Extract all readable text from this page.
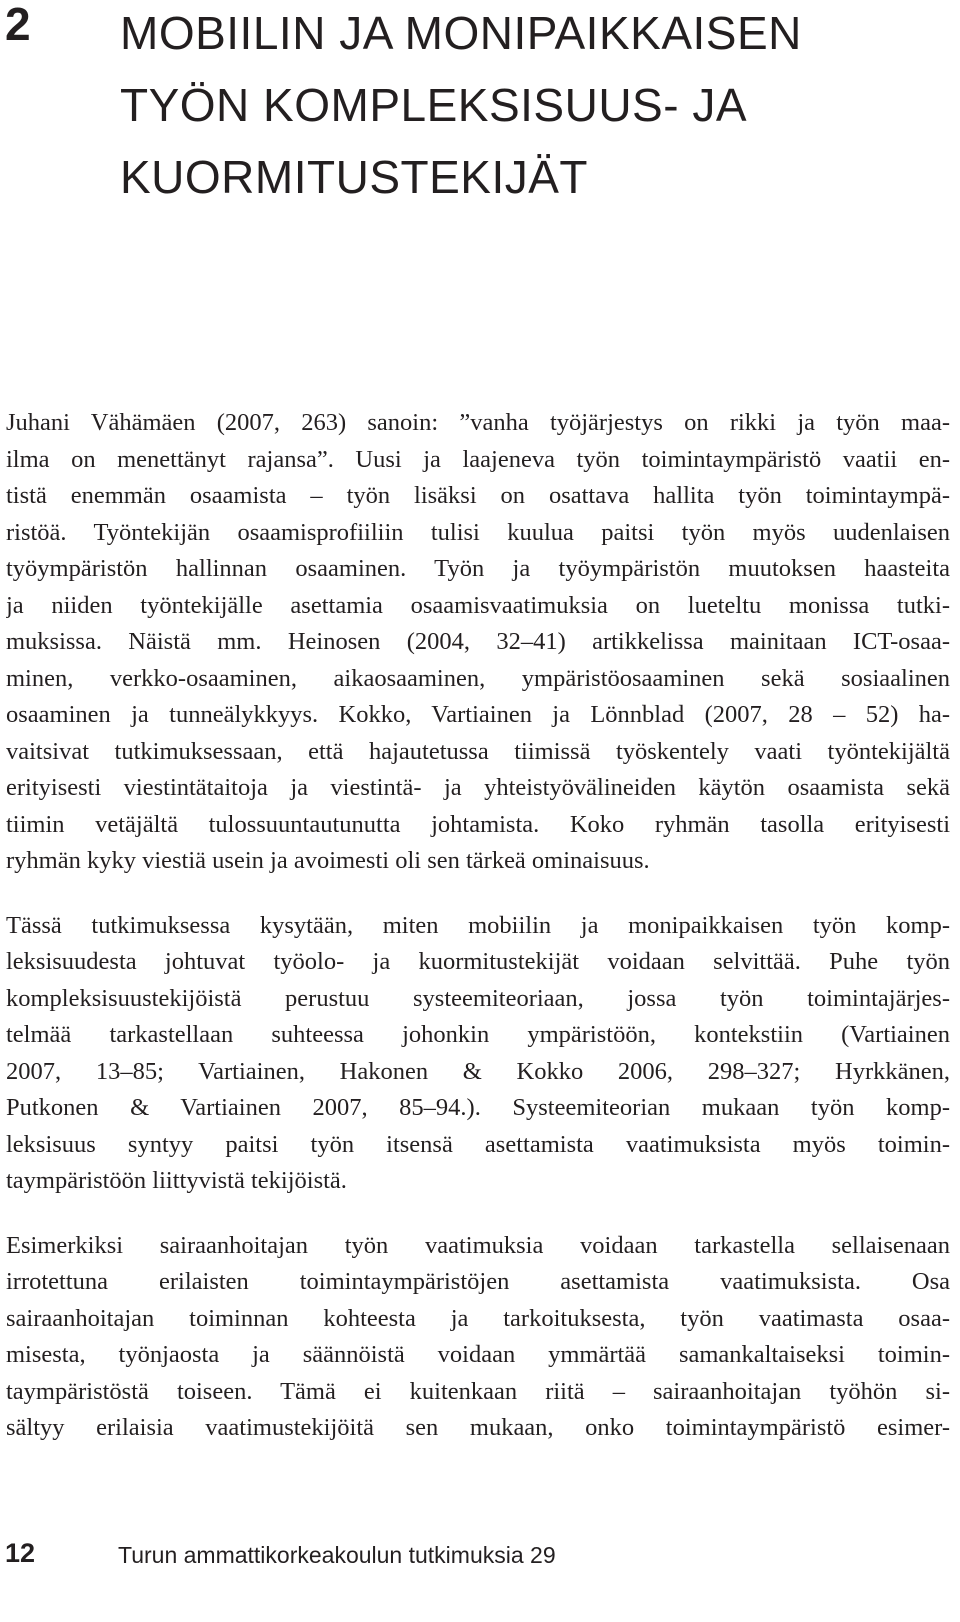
2 MOBIILIN JA MONIPAIKKAISEN
TYÖN KOMPLEKSISUUS- JA
KUORMITUSTEKIJÄT

Juhani Vähämäen (2007, 263) sanoin: ”vanha työjärjestys on rikki ja työn maa-
ilma on menettänyt rajansa”. Uusi ja laajeneva työn toimintaympäristö vaatii en-
tistä enemmän osaamista – työn lisäksi on osattava hallita työn toimintaympä-
ristöä. Työntekijän osaamisprofiiliin tulisi kuulua paitsi työn myös uudenlaisen
työympäristön hallinnan osaaminen. Työn ja työympäristön muutoksen haasteita
ja niiden työntekijälle asettamia osaamisvaatimuksia on lueteltu monissa tutki-
muksissa. Näistä mm. Heinosen (2004, 32–41) artikkelissa mainitaan ICT-osaa-
minen, verkko-osaaminen, aikaosaaminen, ympäristöosaaminen sekä sosiaalinen
osaaminen ja tunneälykkyys. Kokko, Vartiainen ja Lönnblad (2007, 28 – 52) ha-
vaitsivat tutkimuksessaan, että hajautetussa tiimissä työskentely vaati työntekijältä
erityisesti viestintätaitoja ja viestintä- ja yhteistyövälineiden käytön osaamista sekä
tiimin vetäjältä tulossuuntautunutta johtamista. Koko ryhmän tasolla erityisesti
ryhmän kyky viestiä usein ja avoimesti oli sen tärkeä ominaisuus.

Tässä tutkimuksessa kysytään, miten mobiilin ja monipaikkaisen työn komp-
leksisuudesta johtuvat työolo- ja kuormitustekijät voidaan selvittää. Puhe työn
kompleksisuustekijöistä perustuu systeemiteoriaan, jossa työn toimintajärjes-
telmää tarkastellaan suhteessa johonkin ympäristöön, kontekstiin (Vartiainen
2007, 13–85; Vartiainen, Hakonen & Kokko 2006, 298–327; Hyrkkänen,
Putkonen & Vartiainen 2007, 85–94.). Systeemiteorian mukaan työn komp-
leksisuus syntyy paitsi työn itsensä asettamista vaatimuksista myös toimin-
taympäristöön liittyvistä tekijöistä.

Esimerkiksi sairaanhoitajan työn vaatimuksia voidaan tarkastella sellaisenaan
irrotettuna erilaisten toimintaympäristöjen asettamista vaatimuksista. Osa
sairaanhoitajan toiminnan kohteesta ja tarkoituksesta, työn vaatimasta osaa-
misesta, työnjaosta ja säännöistä voidaan ymmärtää samankaltaiseksi toimin-
taympäristöstä toiseen. Tämä ei kuitenkaan riitä – sairaanhoitajan työhön si-
sältyy erilaisia vaatimustekijöitä sen mukaan, onko toimintaympäristö esimer-

12	Turun ammattikorkeakoulun tutkimuksia 29
